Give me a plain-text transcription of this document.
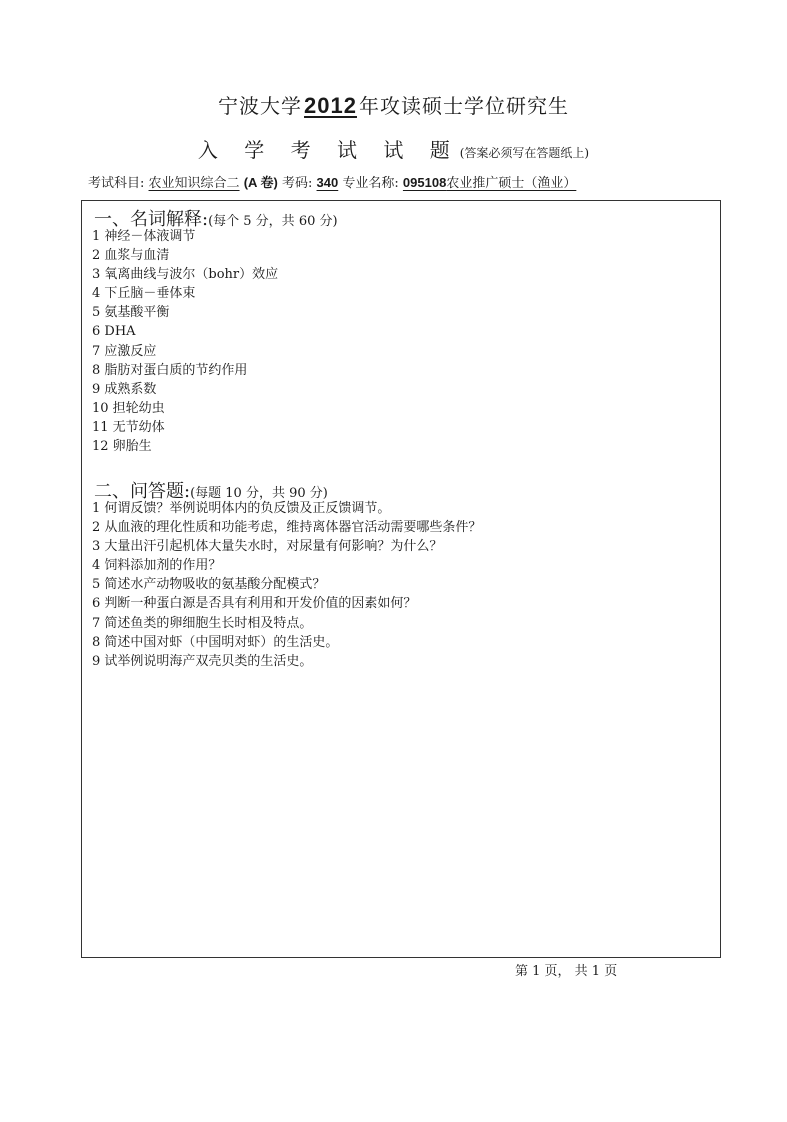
宁波大学2012 年攻读硕士学位研究生
入 学 考 试 试 题(答案必须写在答题纸上)
考试科目: 农业知识综合二 (A 卷) 考码: 340 专业名称: 095108农业推广硕士（渔业）
一、名词解释:(每个 5 分，共 60 分)
1 神经－体液调节
2 血浆与血清
3 氧离曲线与波尔（bohr）效应
4 下丘脑－垂体束
5 氨基酸平衡
6 DHA
7 应激反应
8 脂肪对蛋白质的节约作用
9 成熟系数
10 担轮幼虫
11 无节幼体
12 卵胎生
二、问答题:(每题 10 分，共 90 分)
1 何谓反馈？举例说明体内的负反馈及正反馈调节。
2 从血液的理化性质和功能考虑，维持离体器官活动需要哪些条件？
3 大量出汗引起机体大量失水时，对尿量有何影响？为什么？
4 饲料添加剂的作用？
5 简述水产动物吸收的氨基酸分配模式？
6 判断一种蛋白源是否具有利用和开发价值的因素如何？
7 简述鱼类的卵细胞生长时相及特点。
8 简述中国对虾（中国明对虾）的生活史。
9 试举例说明海产双壳贝类的生活史。
第 1 页， 共 1 页
